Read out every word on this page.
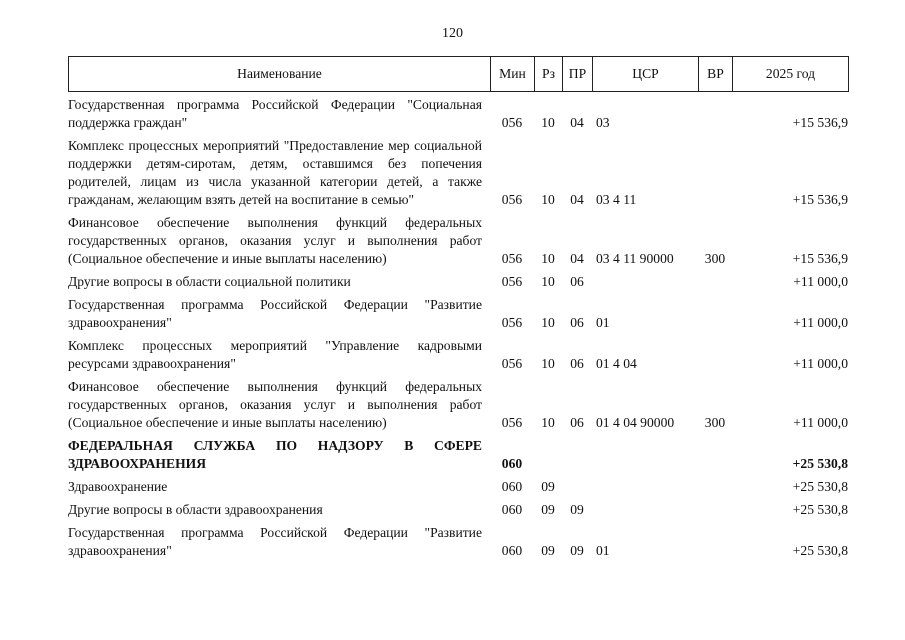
120
Наименование	Мин	Рз	ПР	ЦСР	ВР	2025 год
Государственная программа Российской Федерации "Социальная поддержка граждан"	056	10	04	03		+15 536,9
Комплекс процессных мероприятий "Предоставление мер социальной поддержки детям-сиротам, детям, оставшимся без попечения родителей, лицам из числа указанной категории детей, а также гражданам, желающим взять детей на воспитание в семью"	056	10	04	03 4 11		+15 536,9
Финансовое обеспечение выполнения функций федеральных государственных органов, оказания услуг и выполнения работ (Социальное обеспечение и иные выплаты населению)	056	10	04	03 4 11 90000	300	+15 536,9
Другие вопросы в области социальной политики	056	10	06			+11 000,0
Государственная программа Российской Федерации "Развитие здравоохранения"	056	10	06	01		+11 000,0
Комплекс процессных мероприятий "Управление кадровыми ресурсами здравоохранения"	056	10	06	01 4 04		+11 000,0
Финансовое обеспечение выполнения функций федеральных государственных органов, оказания услуг и выполнения работ (Социальное обеспечение и иные выплаты населению)	056	10	06	01 4 04 90000	300	+11 000,0
ФЕДЕРАЛЬНАЯ СЛУЖБА ПО НАДЗОРУ В СФЕРЕ ЗДРАВООХРАНЕНИЯ	060					+25 530,8
Здравоохранение	060	09				+25 530,8
Другие вопросы в области здравоохранения	060	09	09			+25 530,8
Государственная программа Российской Федерации "Развитие здравоохранения"	060	09	09	01		+25 530,8
